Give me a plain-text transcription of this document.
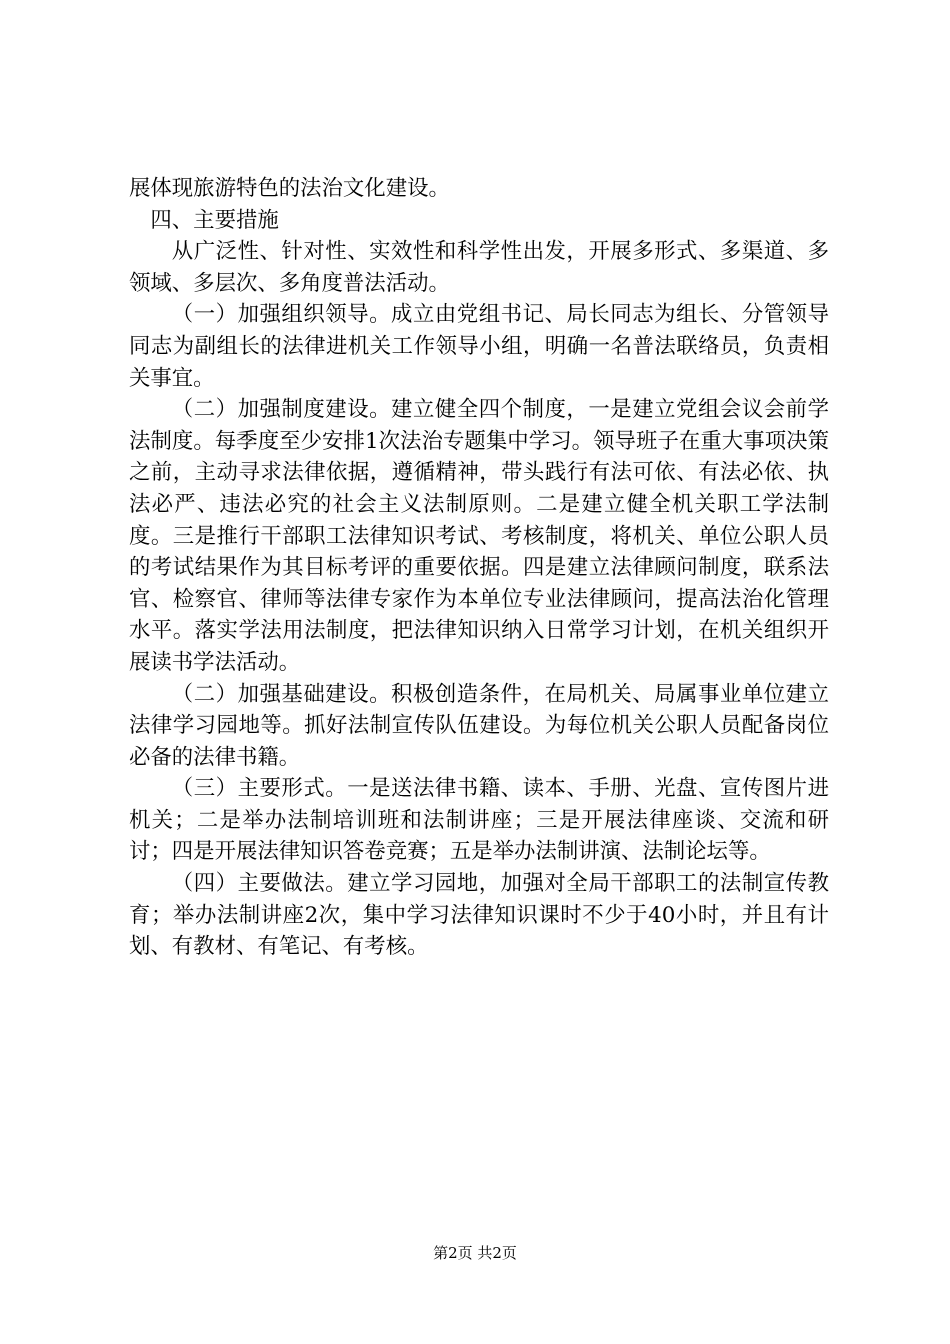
展体现旅游特色的法治文化建设。

四、主要措施

从广泛性、针对性、实效性和科学性出发，开展多形式、多渠道、多领域、多层次、多角度普法活动。

（一）加强组织领导。成立由党组书记、局长同志为组长、分管领导同志为副组长的法律进机关工作领导小组，明确一名普法联络员，负责相关事宜。

（二）加强制度建设。建立健全四个制度，一是建立党组会议会前学法制度。每季度至少安排1次法治专题集中学习。领导班子在重大事项决策之前，主动寻求法律依据，遵循精神，带头践行有法可依、有法必依、执法必严、违法必究的社会主义法制原则。二是建立健全机关职工学法制度。三是推行干部职工法律知识考试、考核制度，将机关、单位公职人员的考试结果作为其目标考评的重要依据。四是建立法律顾问制度，联系法官、检察官、律师等法律专家作为本单位专业法律顾问，提高法治化管理水平。落实学法用法制度，把法律知识纳入日常学习计划，在机关组织开展读书学法活动。

（二）加强基础建设。积极创造条件，在局机关、局属事业单位建立法律学习园地等。抓好法制宣传队伍建设。为每位机关公职人员配备岗位必备的法律书籍。

（三）主要形式。一是送法律书籍、读本、手册、光盘、宣传图片进机关；二是举办法制培训班和法制讲座；三是开展法律座谈、交流和研讨；四是开展法律知识答卷竞赛；五是举办法制讲演、法制论坛等。

（四）主要做法。建立学习园地，加强对全局干部职工的法制宣传教育；举办法制讲座2次，集中学习法律知识课时不少于40小时，并且有计划、有教材、有笔记、有考核。

第2页 共2页
